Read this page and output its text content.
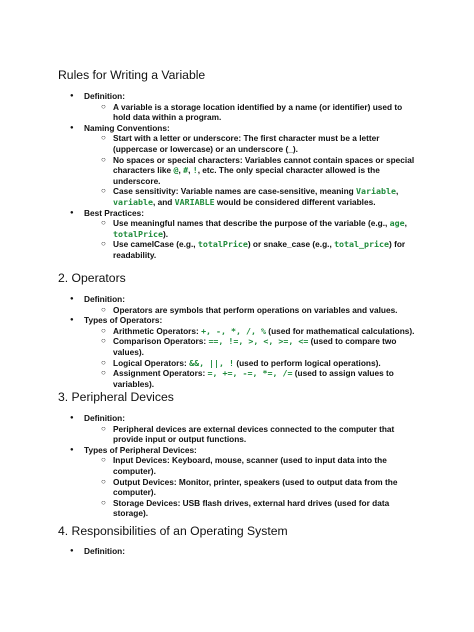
Rules for Writing a Variable
● Definition:
○ A variable is a storage location identified by a name (or identifier) used to hold data within a program.
● Naming Conventions:
○ Start with a letter or underscore: The first character must be a letter (uppercase or lowercase) or an underscore (_).
○ No spaces or special characters: Variables cannot contain spaces or special characters like @, #, !, etc. The only special character allowed is the underscore.
○ Case sensitivity: Variable names are case-sensitive, meaning Variable, variable, and VARIABLE would be considered different variables.
● Best Practices:
○ Use meaningful names that describe the purpose of the variable (e.g., age, totalPrice).
○ Use camelCase (e.g., totalPrice) or snake_case (e.g., total_price) for readability.
2. Operators
● Definition:
○ Operators are symbols that perform operations on variables and values.
● Types of Operators:
○ Arithmetic Operators: +, -, *, /, % (used for mathematical calculations).
○ Comparison Operators: ==, !=, >, <, >=, <= (used to compare two values).
○ Logical Operators: &&, ||, ! (used to perform logical operations).
○ Assignment Operators: =, +=, -=, *=, /= (used to assign values to variables).
3. Peripheral Devices
● Definition:
○ Peripheral devices are external devices connected to the computer that provide input or output functions.
● Types of Peripheral Devices:
○ Input Devices: Keyboard, mouse, scanner (used to input data into the computer).
○ Output Devices: Monitor, printer, speakers (used to output data from the computer).
○ Storage Devices: USB flash drives, external hard drives (used for data storage).
4. Responsibilities of an Operating System
● Definition:
